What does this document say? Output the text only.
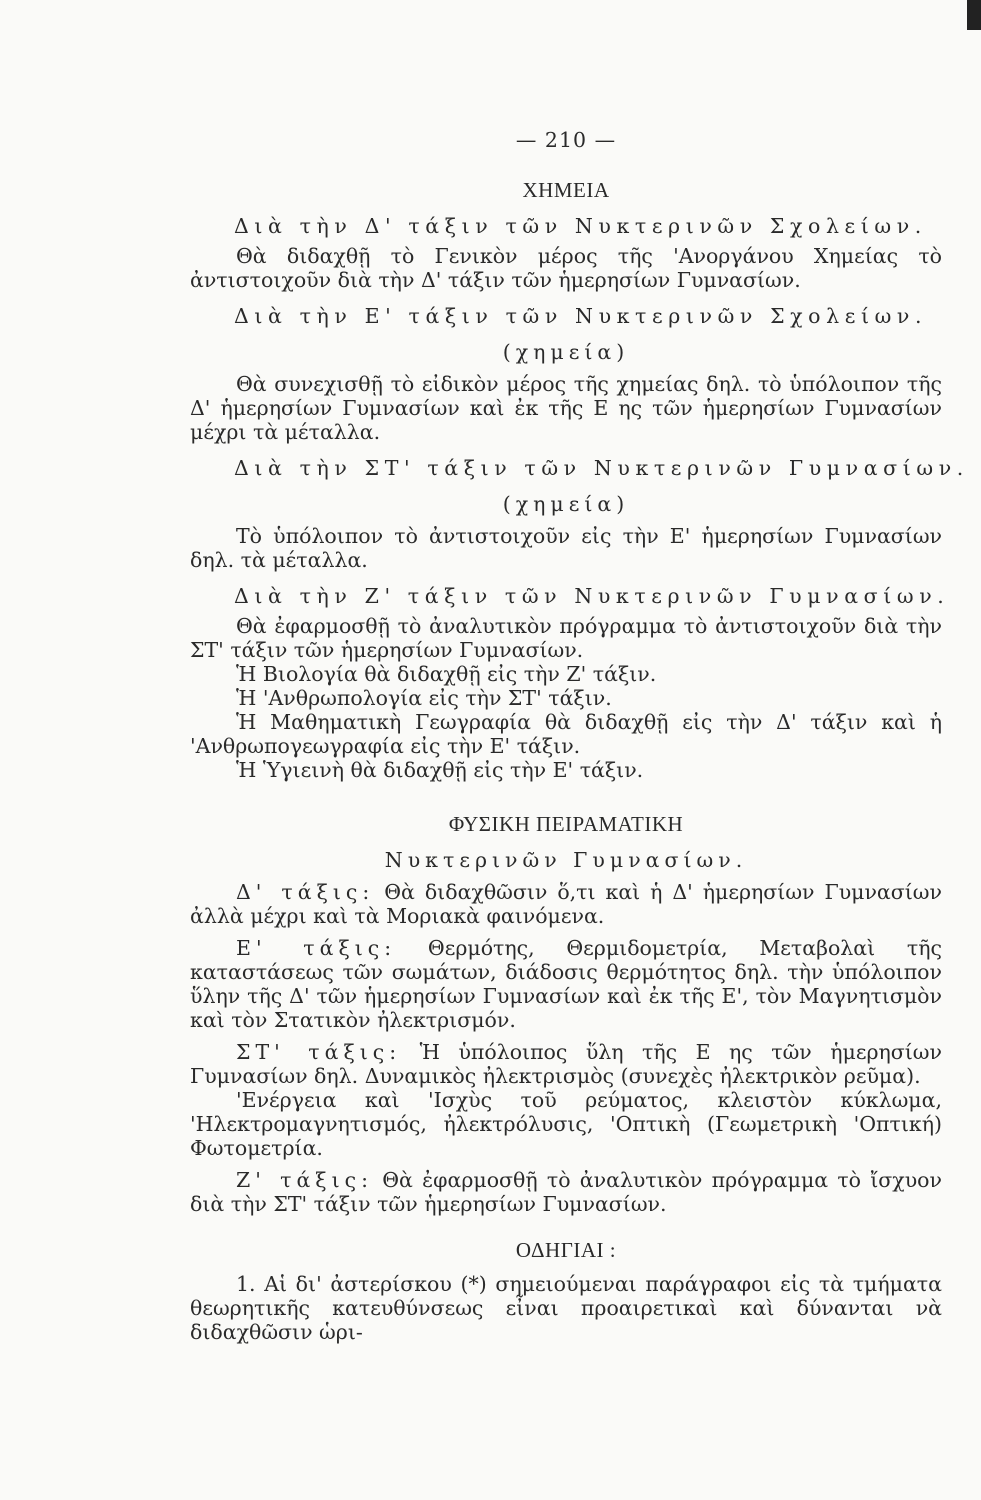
— 210 —
ΧΗΜΕΙΑ
Διὰ τὴν Δ' τάξιν τῶν Νυκτερινῶν Σχολείων.

Θὰ διδαχθῇ τὸ Γενικὸν μέρος τῆς 'Ανοργάνου Χημείας τὸ ἀντιστοιχοῦν διὰ τὴν Δ' τάξιν τῶν ἡμερησίων Γυμνασίων.

Διὰ τὴν Ε' τάξιν τῶν Νυκτερινῶν Σχολείων.
(χημεία)

Θὰ συνεχισθῇ τὸ εἰδικὸν μέρος τῆς χημείας δηλ. τὸ ὑπόλοιπον τῆς Δ' ἡμερησίων Γυμνασίων καὶ ἐκ τῆς Ε ης τῶν ἡμερησίων Γυμνασίων μέχρι τὰ μέταλλα.

Διὰ τὴν ΣΤ' τάξιν τῶν Νυκτερινῶν Γυμνασίων.
(χημεία)

Τὸ ὑπόλοιπον τὸ ἀντιστοιχοῦν εἰς τὴν Ε' ἡμερησίων Γυμνασίων δηλ. τὰ μέταλλα.

Διὰ τὴν Ζ' τάξιν τῶν Νυκτερινῶν Γυμνασίων.

Θὰ ἐφαρμοσθῇ τὸ ἀναλυτικὸν πρόγραμμα τὸ ἀντιστοιχοῦν διὰ τὴν ΣΤ' τάξιν τῶν ἡμερησίων Γυμνασίων.

Ἡ Βιολογία θὰ διδαχθῇ εἰς τὴν Ζ' τάξιν.

Ἡ 'Ανθρωπολογία εἰς τὴν ΣΤ' τάξιν.

Ἡ Μαθηματικὴ Γεωγραφία θὰ διδαχθῇ εἰς τὴν Δ' τάξιν καὶ ἡ 'Ανθρωπογεωγραφία εἰς τὴν Ε' τάξιν.

Ἡ Ὑγιεινὴ θὰ διδαχθῇ εἰς τὴν Ε' τάξιν.

ΦΥΣΙΚΗ ΠΕΙΡΑΜΑΤΙΚΗ
Νυκτερινῶν Γυμνασίων.

Δ' τάξις: Θὰ διδαχθῶσιν ὅ,τι καὶ ἡ Δ' ἡμερησίων Γυμνασίων ἀλλὰ μέχρι καὶ τὰ Μοριακὰ φαινόμενα.

Ε' τάξις: Θερμότης, Θερμιδομετρία, Μεταβολαὶ τῆς καταστάσεως τῶν σωμάτων, διάδοσις θερμότητος δηλ. τὴν ὑπόλοιπον ὕλην τῆς Δ' τῶν ἡμερησίων Γυμνασίων καὶ ἐκ τῆς Ε', τὸν Μαγνητισμὸν καὶ τὸν Στατικὸν ἠλεκτρισμόν.

ΣΤ' τάξις: Ἡ ὑπόλοιπος ὕλη τῆς Ε ης τῶν ἡμερησίων Γυμνασίων δηλ. Δυναμικὸς ἠλεκτρισμὸς (συνεχὲς ἠλεκτρικὸν ρεῦμα).

'Ενέργεια καὶ 'Ισχὺς τοῦ ρεύματος, κλειστὸν κύκλωμα, 'Ηλεκτρομαγνητισμός, ἠλεκτρόλυσις, 'Οπτικὴ (Γεωμετρικὴ 'Οπτική) Φωτομετρία.

Ζ' τάξις: Θὰ ἐφαρμοσθῇ τὸ ἀναλυτικὸν πρόγραμμα τὸ ἴσχυον διὰ τὴν ΣΤ' τάξιν τῶν ἡμερησίων Γυμνασίων.

ΟΔΗΓΙΑΙ :

1. Αἱ δι' ἀστερίσκου (*) σημειούμεναι παράγραφοι εἰς τὰ τμήματα θεωρητικῆς κατευθύνσεως εἶναι προαιρετικαὶ καὶ δύνανται νὰ διδαχθῶσιν ὡρι-
